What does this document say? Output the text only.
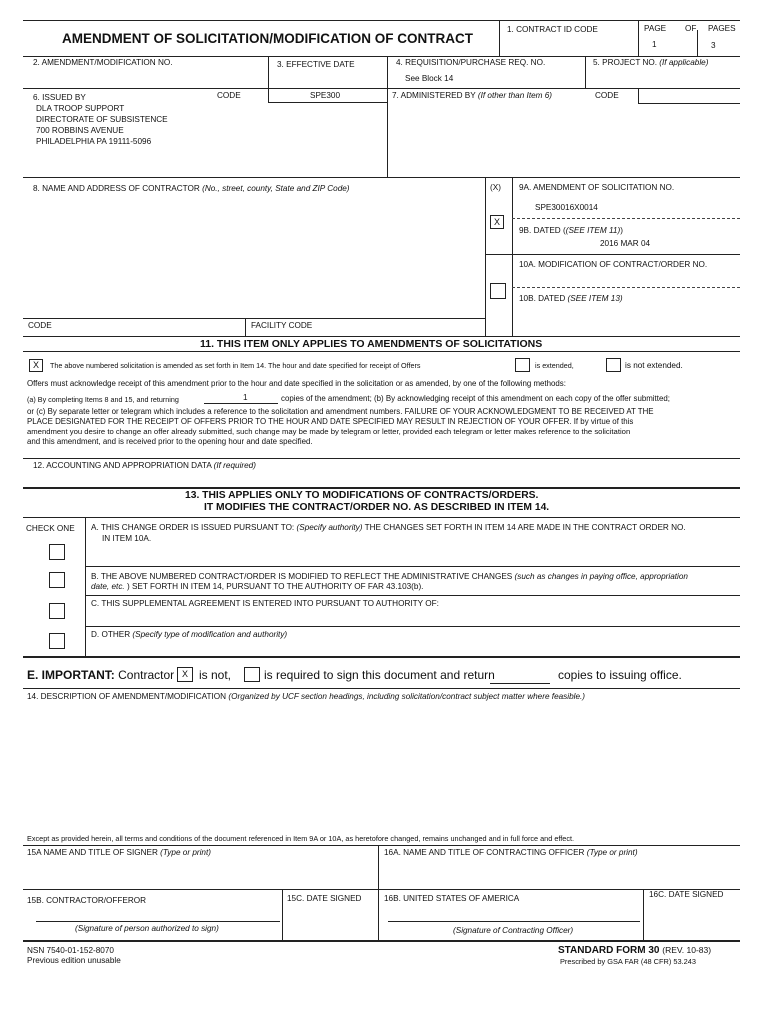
AMENDMENT OF SOLICITATION/MODIFICATION OF CONTRACT
1. CONTRACT ID CODE	PAGE OF PAGES
1	3
2. AMENDMENT/MODIFICATION NO.	3. EFFECTIVE DATE	4. REQUISITION/PURCHASE REQ. NO.
See Block 14
5. PROJECT NO. (If applicable)
6. ISSUED BY	CODE	SPE300	7. ADMINISTERED BY (If other than Item 6)	CODE
DLA TROOP SUPPORT
DIRECTORATE OF SUBSISTENCE
700 ROBBINS AVENUE
PHILADELPHIA PA 19111-5096
8. NAME AND ADDRESS OF CONTRACTOR (No., street, county, State and ZIP Code)	(X) 9A. AMENDMENT OF SOLICITATION NO.
SPE30016X0014
X
9B. DATED ((SEE ITEM 11))
2016 MAR 04
10A. MODIFICATION OF CONTRACT/ORDER NO.
10B. DATED (SEE ITEM 13)
CODE	FACILITY CODE
11. THIS ITEM ONLY APPLIES TO AMENDMENTS OF SOLICITATIONS
X	The above numbered solicitation is amended as set forth in Item 14. The hour and date specified for receipt of Offers	is extended,	is not extended.
Offers must acknowledge receipt of this amendment prior to the hour and date specified in the solicitation or as amended, by one of the following methods:
(a) By completing Items 8 and 15, and returning	1	copies of the amendment; (b) By acknowledging receipt of this amendment on each copy of the offer submitted;
or (c) By separate letter or telegram which includes a reference to the solicitation and amendment numbers. FAILURE OF YOUR ACKNOWLEDGMENT TO BE RECEIVED AT THE
PLACE DESIGNATED FOR THE RECEIPT OF OFFERS PRIOR TO THE HOUR AND DATE SPECIFIED MAY RESULT IN REJECTION OF YOUR OFFER. If by virtue of this
amendment you desire to change an offer already submitted, such change may be made by telegram or letter, provided each telegram or letter makes reference to the solicitation
and this amendment, and is received prior to the opening hour and date specified.
12. ACCOUNTING AND APPROPRIATION DATA (If required)
13. THIS APPLIES ONLY TO MODIFICATIONS OF CONTRACTS/ORDERS.
IT MODIFIES THE CONTRACT/ORDER NO. AS DESCRIBED IN ITEM 14.
CHECK ONE A. THIS CHANGE ORDER IS ISSUED PURSUANT TO: (Specify authority) THE CHANGES SET FORTH IN ITEM 14 ARE MADE IN THE CONTRACT ORDER NO.
IN ITEM 10A.
B. THE ABOVE NUMBERED CONTRACT/ORDER IS MODIFIED TO REFLECT THE ADMINISTRATIVE CHANGES (such as changes in paying office, appropriation
date, etc. ) SET FORTH IN ITEM 14, PURSUANT TO THE AUTHORITY OF FAR 43.103(b).
C. THIS SUPPLEMENTAL AGREEMENT IS ENTERED INTO PURSUANT TO AUTHORITY OF:
D. OTHER (Specify type of modification and authority)
E. IMPORTANT: Contractor X is not,	is required to sign this document and return	copies to issuing office.
14. DESCRIPTION OF AMENDMENT/MODIFICATION (Organized by UCF section headings, including solicitation/contract subject matter where feasible.)
Except as provided herein, all terms and conditions of the document referenced in Item 9A or 10A, as heretofore changed, remains unchanged and in full force and effect.
15A NAME AND TITLE OF SIGNER (Type or print)	16A. NAME AND TITLE OF CONTRACTING OFFICER (Type or print)
15B. CONTRACTOR/OFFEROR	15C. DATE SIGNED	16B. UNITED STATES OF AMERICA	16C. DATE SIGNED
(Signature of person authorized to sign)	(Signature of Contracting Officer)
NSN 7540-01-152-8070
Previous edition unusable
STANDARD FORM 30 (REV. 10-83)
Prescribed by GSA FAR (48 CFR) 53.243
